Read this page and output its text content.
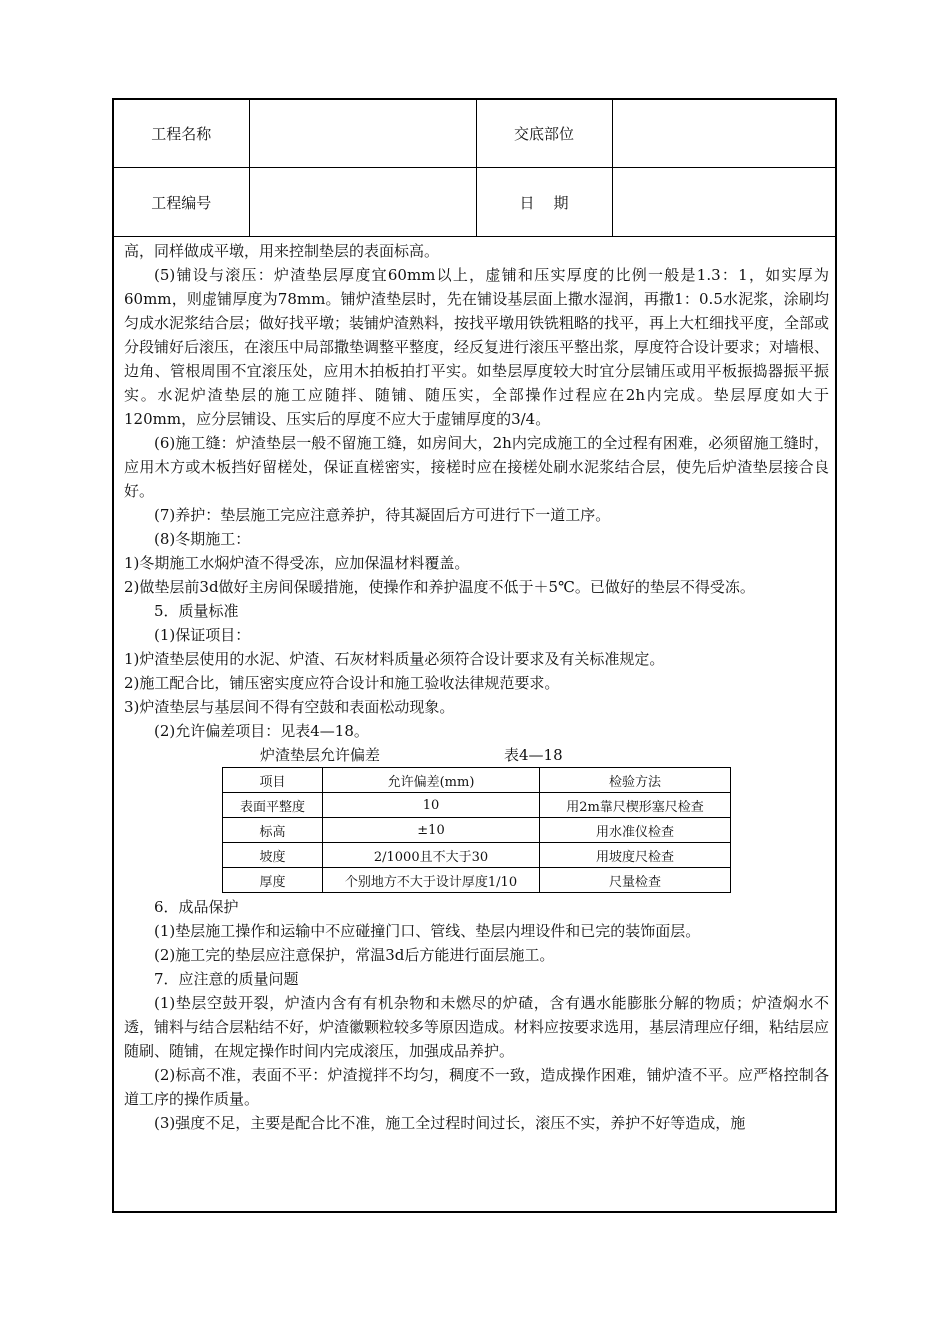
工程名称		交底部位	
工程编号		日    期	

高，同样做成平墩，用来控制垫层的表面标高。

(5)铺设与滚压：炉渣垫层厚度宜60mm以上，虚铺和压实厚度的比例一般是1.3：1，如实厚为60mm，则虚铺厚度为78mm。铺炉渣垫层时，先在铺设基层面上撒水湿润，再撒1：0.5水泥浆，涂刷均匀成水泥浆结合层；做好找平墩；装铺炉渣熟料，按找平墩用铁铣粗略的找平，再上大杠细找平度，全部或分段铺好后滚压，在滚压中局部撒垫调整平整度，经反复进行滚压平整出浆，厚度符合设计要求；对墙根、边角、管根周围不宜滚压处，应用木拍板拍打平实。如垫层厚度较大时宜分层铺压或用平板振捣器振平振实。水泥炉渣垫层的施工应随拌、随铺、随压实，全部操作过程应在2h内完成。垫层厚度如大于120mm，应分层铺设、压实后的厚度不应大于虚铺厚度的3/4。

(6)施工缝：炉渣垫层一般不留施工缝，如房间大，2h内完成施工的全过程有困难，必须留施工缝时，应用木方或木板挡好留槎处，保证直槎密实，接槎时应在接槎处刷水泥浆结合层，使先后炉渣垫层接合良好。

(7)养护：垫层施工完应注意养护，待其凝固后方可进行下一道工序。

(8)冬期施工：

1)冬期施工水焖炉渣不得受冻，应加保温材料覆盖。

2)做垫层前3d做好主房间保暖措施，使操作和养护温度不低于＋5℃。已做好的垫层不得受冻。

5．质量标准

(1)保证项目：

1)炉渣垫层使用的水泥、炉渣、石灰材料质量必须符合设计要求及有关标准规定。

2)施工配合比，铺压密实度应符合设计和施工验收法律规范要求。

3)炉渣垫层与基层间不得有空鼓和表面松动现象。

(2)允许偏差项目：见表4—18。

炉渣垫层允许偏差	表4—18
项目	允许偏差(mm)	检验方法
表面平整度	10	用2m靠尺楔形塞尺检查
标高	±10	用水准仪检查
坡度	2/1000且不大于30	用坡度尺检查
厚度	个别地方不大于设计厚度1/10	尺量检查

6．成品保护

(1)垫层施工操作和运输中不应碰撞门口、管线、垫层内埋设件和已完的装饰面层。

(2)施工完的垫层应注意保护，常温3d后方能进行面层施工。

7．应注意的质量问题

(1)垫层空鼓开裂，炉渣内含有有机杂物和未燃尽的炉碴，含有遇水能膨胀分解的物质；炉渣焖水不透，铺料与结合层粘结不好，炉渣徽颗粒较多等原因造成。材料应按要求选用，基层清理应仔细，粘结层应随刷、随铺，在规定操作时间内完成滚压，加强成品养护。

(2)标高不准，表面不平：炉渣搅拌不均匀，稠度不一致，造成操作困难，铺炉渣不平。应严格控制各道工序的操作质量。

(3)强度不足，主要是配合比不准，施工全过程时间过长，滚压不实，养护不好等造成，施
